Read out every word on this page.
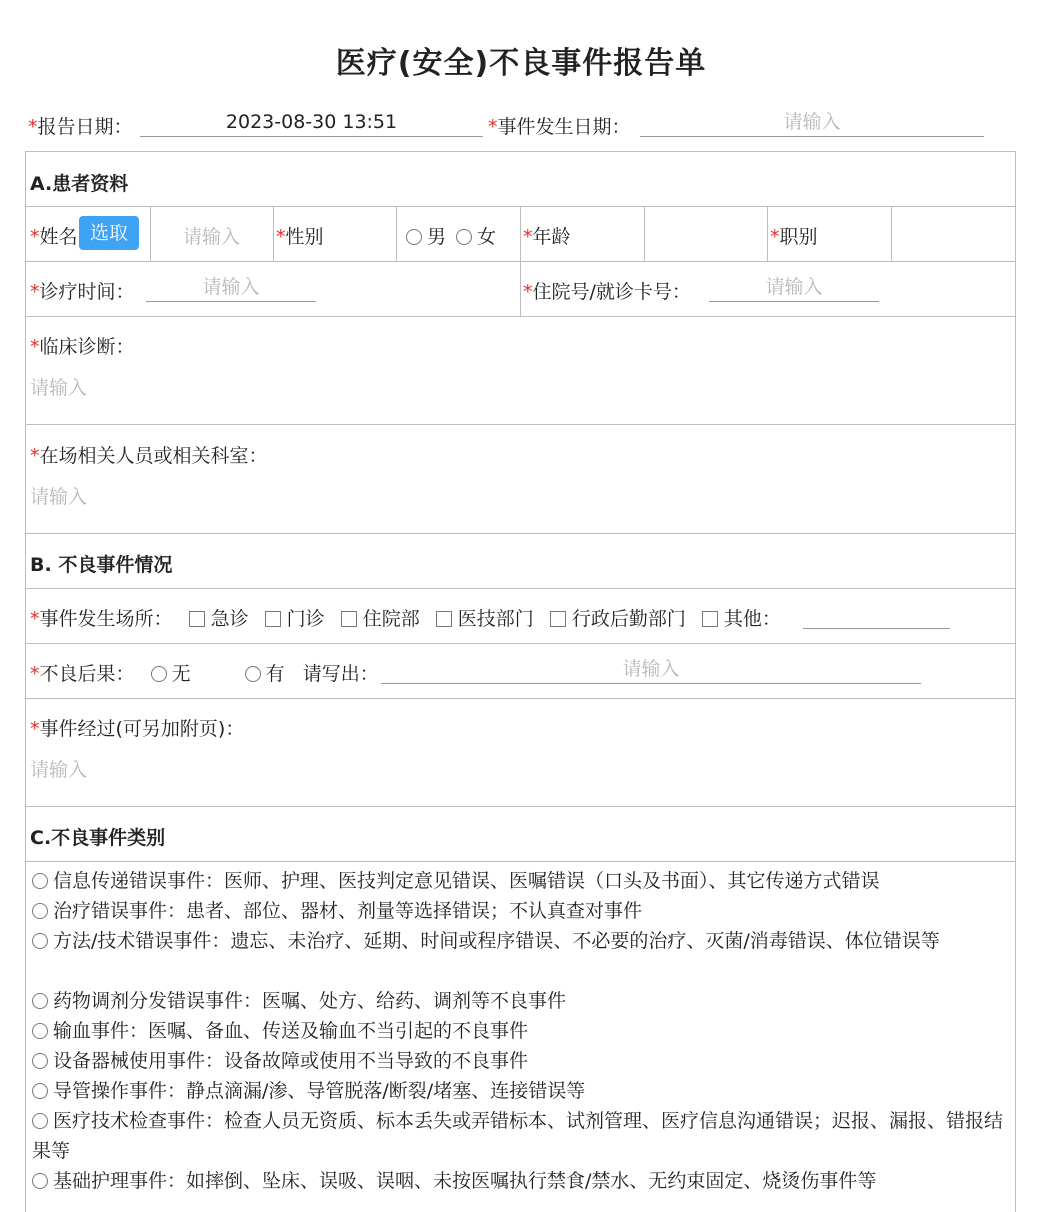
医疗(安全)不良事件报告单
*报告日期：	2023-08-30 13:51	*事件发生日期：	请输入
A.患者资料
*姓名 选取	请输入	*性别	男	女 *年龄	*职别
*诊疗时间：	请输入	*住院号/就诊卡号：	请输入
*临床诊断：
请输入
*在场相关人员或相关科室：
请输入
B. 不良事件情况
*事件发生场所： 急诊 门诊 住院部 医技部门 行政后勤部门 其他：
*不良后果： 无	有 请写出：	请输入
*事件经过(可另加附页)：
请输入
C.不良事件类别
信息传递错误事件：医师、护理、医技判定意见错误、医嘱错误（口头及书面）、其它传递方式错误
治疗错误事件：患者、部位、器材、剂量等选择错误；不认真查对事件
方法/技术错误事件：遗忘、未治疗、延期、时间或程序错误、不必要的治疗、灭菌/消毒错误、体位错误等
药物调剂分发错误事件：医嘱、处方、给药、调剂等不良事件
输血事件：医嘱、备血、传送及输血不当引起的不良事件
设备器械使用事件：设备故障或使用不当导致的不良事件
导管操作事件：静点滴漏/渗、导管脱落/断裂/堵塞、连接错误等
医疗技术检查事件：检查人员无资质、标本丢失或弄错标本、试剂管理、医疗信息沟通错误；迟报、漏报、错报结果等
基础护理事件：如摔倒、坠床、误吸、误咽、未按医嘱执行禁食/禁水、无约束固定、烧烫伤事件等
